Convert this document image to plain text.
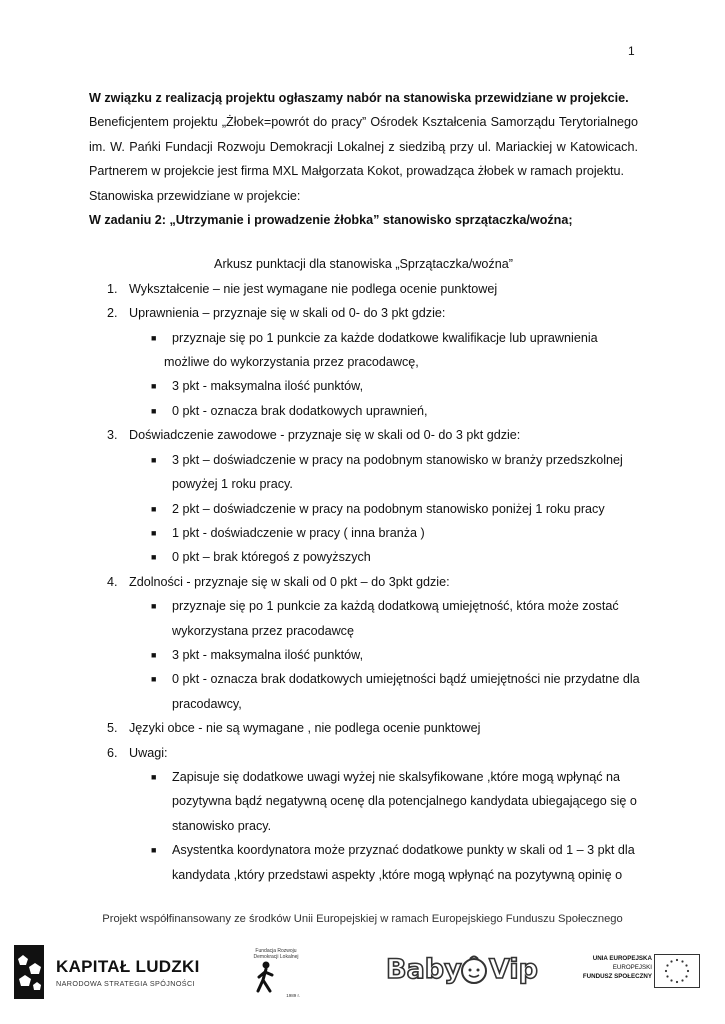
1
W związku z realizacją projektu ogłaszamy nabór na stanowiska przewidziane w projekcie.
Beneficjentem projektu „Żłobek=powrót do pracy” Ośrodek Kształcenia Samorządu Terytorialnego
im. W. Pańki Fundacji Rozwoju Demokracji Lokalnej z siedzibą przy ul. Mariackiej w Katowicach.
Partnerem w projekcie jest firma MXL Małgorzata Kokot, prowadząca żłobek w ramach projektu.
Stanowiska przewidziane w projekcie:
W zadaniu 2: „Utrzymanie i prowadzenie żłobka” stanowisko sprzątaczka/woźna;
Arkusz punktacji dla stanowiska „Sprzątaczka/woźna”
1. Wykształcenie – nie jest wymagane nie podlega ocenie punktowej
2. Uprawnienia – przyznaje się w skali od 0- do 3 pkt gdzie:
■ przyznaje się po 1 punkcie za każde dodatkowe kwalifikacje lub uprawnienia
możliwe do wykorzystania przez pracodawcę,
■ 3 pkt - maksymalna ilość punktów,
■ 0 pkt - oznacza brak dodatkowych uprawnień,
3. Doświadczenie zawodowe - przyznaje się w skali od 0- do 3 pkt gdzie:
■ 3 pkt – doświadczenie w pracy na podobnym stanowisko w branży przedszkolnej
powyżej 1 roku pracy.
■ 2 pkt – doświadczenie w pracy na podobnym stanowisko poniżej 1 roku pracy
■ 1 pkt - doświadczenie w pracy ( inna branża )
■ 0 pkt – brak któregoś z powyższych
4. Zdolności - przyznaje się w skali od 0 pkt – do 3pkt gdzie:
■ przyznaje się po 1 punkcie za każdą dodatkową umiejętność, która może zostać
wykorzystana przez pracodawcę
■ 3 pkt - maksymalna ilość punktów,
■ 0 pkt - oznacza brak dodatkowych umiejętności bądź umiejętności nie przydatne dla
pracodawcy,
5. Języki obce - nie są wymagane , nie podlega ocenie punktowej
6. Uwagi:
■ Zapisuje się dodatkowe uwagi wyżej nie skalsyfikowane ,które mogą wpłynąć na
pozytywna bądź negatywną ocenę dla potencjalnego kandydata ubiegającego się o
stanowisko pracy.
■ Asystentka koordynatora może przyznać dodatkowe punkty w skali od 1 – 3 pkt dla
kandydata ,który przedstawi aspekty ,które mogą wpłynąć na pozytywną opinię o
Projekt współfinansowany ze środków Unii Europejskiej w ramach Europejskiego Funduszu Społecznego
KAPITAŁ LUDZKI
NARODOWA STRATEGIA SPÓJNOŚCI
Fundacja Rozwoju Demokracji Lokalnej
1989 r.
Baby Vip	UNIA EUROPEJSKA
EUROPEJSKI
FUNDUSZ SPOŁECZNY
